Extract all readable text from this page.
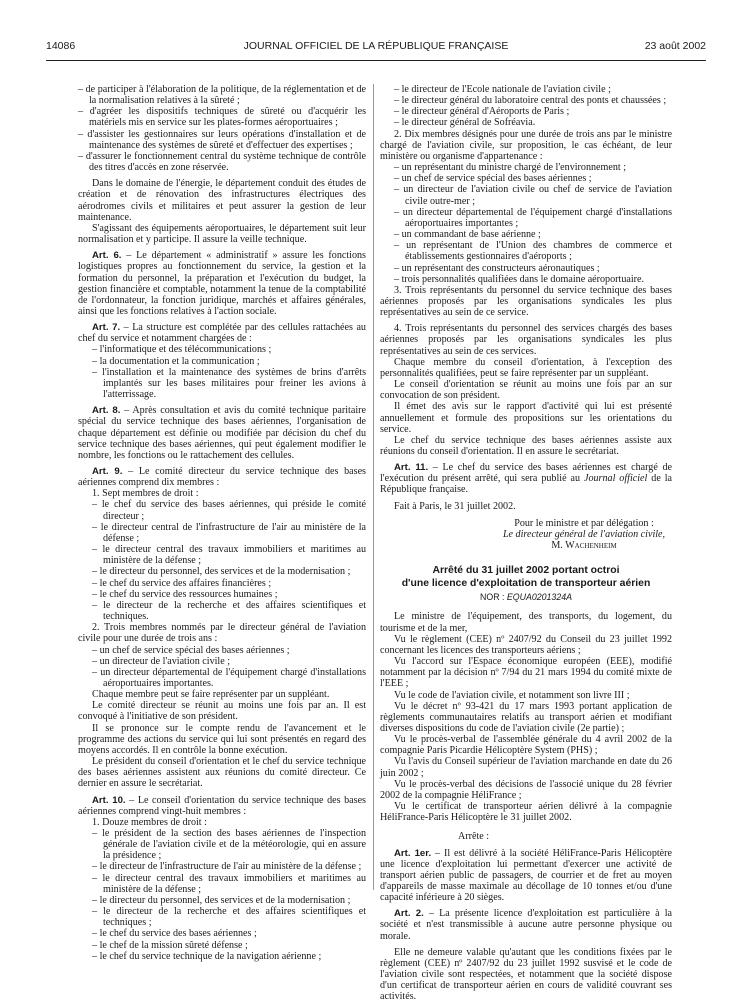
14086	JOURNAL OFFICIEL DE LA RÉPUBLIQUE FRANÇAISE	23 août 2002

– de participer à l'élaboration de la politique, de la réglementation et de la normalisation relatives à la sûreté ;

– d'agréer les dispositifs techniques de sûreté ou d'acquérir les matériels mis en service sur les plates-formes aéroportuaires ;

– d'assister les gestionnaires sur leurs opérations d'installation et de maintenance des systèmes de sûreté et d'effectuer des expertises ;

– d'assurer le fonctionnement central du système technique de contrôle des titres d'accès en zone réservée.

Dans le domaine de l'énergie, le département conduit des études de création et de rénovation des infrastructures électriques des aérodromes civils et militaires et peut assurer la gestion de leur maintenance.

S'agissant des équipements aéroportuaires, le département suit leur normalisation et y participe. Il assure la veille technique.

Art. 6. – Le département « administratif » assure les fonctions logistiques propres au fonctionnement du service, la gestion et la formation du personnel, la préparation et l'exécution du budget, la gestion financière et comptable, notamment la tenue de la comptabilité de l'ordonnateur, la fonction juridique, marchés et affaires générales, ainsi que les fonctions relatives à l'action sociale.

Art. 7. – La structure est complétée par des cellules rattachées au chef du service et notamment chargées de :

– l'informatique et des télécommunications ;

– la documentation et la communication ;

– l'installation et la maintenance des systèmes de brins d'arrêts implantés sur les bases militaires pour freiner les avions à l'atterrissage.

Art. 8. – Après consultation et avis du comité technique paritaire spécial du service technique des bases aériennes, l'organisation de chaque département est définie ou modifiée par décision du chef du service technique des bases aériennes, qui peut également modifier le nombre, les fonctions ou le rattachement des cellules.

Art. 9. – Le comité directeur du service technique des bases aériennes comprend dix membres :

1. Sept membres de droit :

– le chef du service des bases aériennes, qui préside le comité directeur ;

– le directeur central de l'infrastructure de l'air au ministère de la défense ;

– le directeur central des travaux immobiliers et maritimes au ministère de la défense ;

– le directeur du personnel, des services et de la modernisation ;

– le chef du service des affaires financières ;

– le chef du service des ressources humaines ;

– le directeur de la recherche et des affaires scientifiques et techniques.

2. Trois membres nommés par le directeur général de l'aviation civile pour une durée de trois ans :

– un chef de service spécial des bases aériennes ;

– un directeur de l'aviation civile ;

– un directeur départemental de l'équipement chargé d'installations aéroportuaires importantes.

Chaque membre peut se faire représenter par un suppléant.

Le comité directeur se réunit au moins une fois par an. Il est convoqué à l'initiative de son président.

Il se prononce sur le compte rendu de l'avancement et le programme des actions du service qui lui sont présentés en regard des moyens accordés. Il en contrôle la bonne exécution.

Le président du conseil d'orientation et le chef du service technique des bases aériennes assistent aux réunions du comité directeur. Ce dernier en assure le secrétariat.

Art. 10. – Le conseil d'orientation du service technique des bases aériennes comprend vingt-huit membres :

1. Douze membres de droit :

– le président de la section des bases aériennes de l'inspection générale de l'aviation civile et de la météorologie, qui en assure la présidence ;

– le directeur de l'infrastructure de l'air au ministère de la défense ;

– le directeur central des travaux immobiliers et maritimes au ministère de la défense ;

– le directeur du personnel, des services et de la modernisation ;

– le directeur de la recherche et des affaires scientifiques et techniques ;

– le chef du service des bases aériennes ;

– le chef de la mission sûreté défense ;

– le chef du service technique de la navigation aérienne ;

– le directeur de l'Ecole nationale de l'aviation civile ;

– le directeur général du laboratoire central des ponts et chaussées ;

– le directeur général d'Aéroports de Paris ;

– le directeur général de Sofréavia.

2. Dix membres désignés pour une durée de trois ans par le ministre chargé de l'aviation civile, sur proposition, le cas échéant, de leur ministère ou organisme d'appartenance :

– un représentant du ministre chargé de l'environnement ;

– un chef de service spécial des bases aériennes ;

– un directeur de l'aviation civile ou chef de service de l'aviation civile outre-mer ;

– un directeur départemental de l'équipement chargé d'installations aéroportuaires importantes ;

– un commandant de base aérienne ;

– un représentant de l'Union des chambres de commerce et établissements gestionnaires d'aéroports ;

– un représentant des constructeurs aéronautiques ;

– trois personnalités qualifiées dans le domaine aéroportuaire.

3. Trois représentants du personnel du service technique des bases aériennes proposés par les organisations syndicales les plus représentatives au sein de ce service.

4. Trois représentants du personnel des services chargés des bases aériennes proposés par les organisations syndicales les plus représentatives au sein de ces services.

Chaque membre du conseil d'orientation, à l'exception des personnalités qualifiées, peut se faire représenter par un suppléant.

Le conseil d'orientation se réunit au moins une fois par an sur convocation de son président.

Il émet des avis sur le rapport d'activité qui lui est présenté annuellement et formule des propositions sur les orientations du service.

Le chef du service technique des bases aériennes assiste aux réunions du conseil d'orientation. Il en assure le secrétariat.

Art. 11. – Le chef du service des bases aériennes est chargé de l'exécution du présent arrêté, qui sera publié au Journal officiel de la République française.

Fait à Paris, le 31 juillet 2002.

Pour le ministre et par délégation :

Le directeur général de l'aviation civile,

M. Wachenheim

Arrêté du 31 juillet 2002 portant octroi
d'une licence d'exploitation de transporteur aérien
NOR : EQUA0201324A

Le ministre de l'équipement, des transports, du logement, du tourisme et de la mer,

Vu le règlement (CEE) nº 2407/92 du Conseil du 23 juillet 1992 concernant les licences des transporteurs aériens ;

Vu l'accord sur l'Espace économique européen (EEE), modifié notamment par la décision nº 7/94 du 21 mars 1994 du comité mixte de l'EEE ;

Vu le code de l'aviation civile, et notamment son livre III ;

Vu le décret nº 93-421 du 17 mars 1993 portant application de règlements communautaires relatifs au transport aérien et modifiant diverses dispositions du code de l'aviation civile (2e partie) ;

Vu le procès-verbal de l'assemblée générale du 4 avril 2002 de la compagnie Paris Picardie Hélicoptère System (PHS) ;

Vu l'avis du Conseil supérieur de l'aviation marchande en date du 26 juin 2002 ;

Vu le procès-verbal des décisions de l'associé unique du 28 février 2002 de la compagnie HéliFrance ;

Vu le certificat de transporteur aérien délivré à la compagnie HéliFrance-Paris Hélicoptère le 31 juillet 2002.

Arrête :

Art. 1er. – Il est délivré à la société HéliFrance-Paris Hélicoptère une licence d'exploitation lui permettant d'exercer une activité de transport aérien public de passagers, de courrier et de fret au moyen d'appareils de masse maximale au décollage de 10 tonnes et/ou d'une capacité inférieure à 20 sièges.

Art. 2. – La présente licence d'exploitation est particulière à la société et n'est transmissible à aucune autre personne physique ou morale.

Elle ne demeure valable qu'autant que les conditions fixées par le règlement (CEE) nº 2407/92 du 23 juillet 1992 susvisé et le code de l'aviation civile sont respectées, et notamment que la société dispose d'un certificat de transporteur aérien en cours de validité couvrant ses activités.
